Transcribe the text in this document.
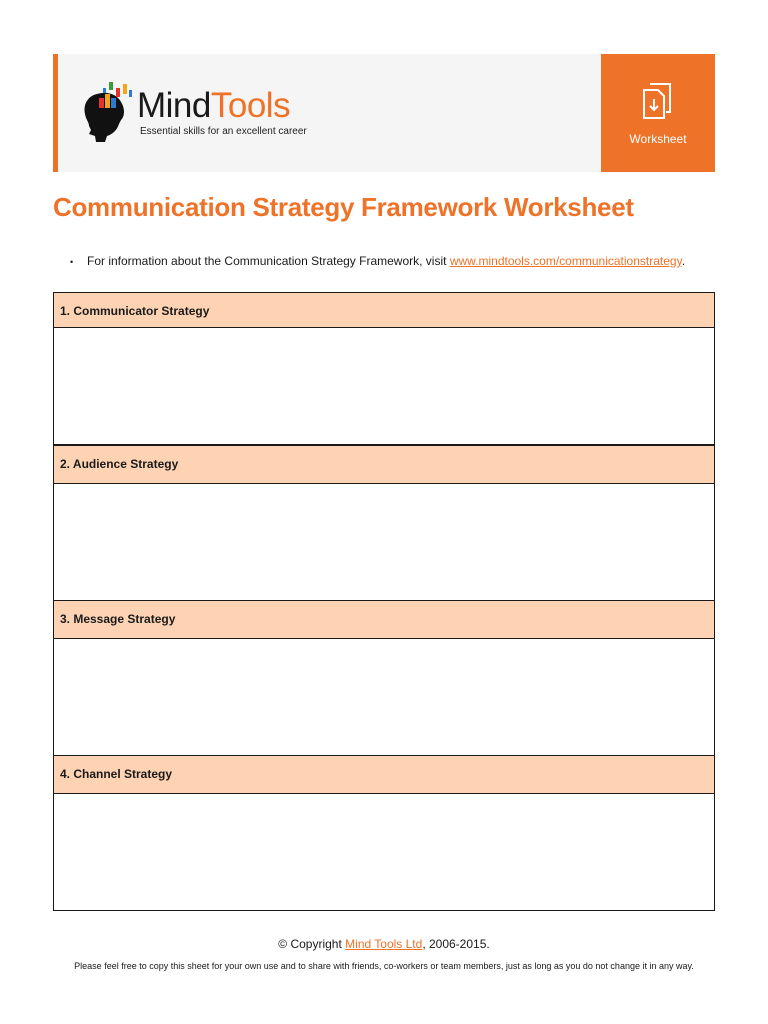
MindTools
Essential skills for an excellent career
Worksheet
Communication Strategy Framework Worksheet
• For information about the Communication Strategy Framework, visit www.mindtools.com/communicationstrategy.
1. Communicator Strategy
2. Audience Strategy
3. Message Strategy
4. Channel Strategy
© Copyright Mind Tools Ltd, 2006-2015.
Please feel free to copy this sheet for your own use and to share with friends, co-workers or team members, just as long as you do not change it in any way.
